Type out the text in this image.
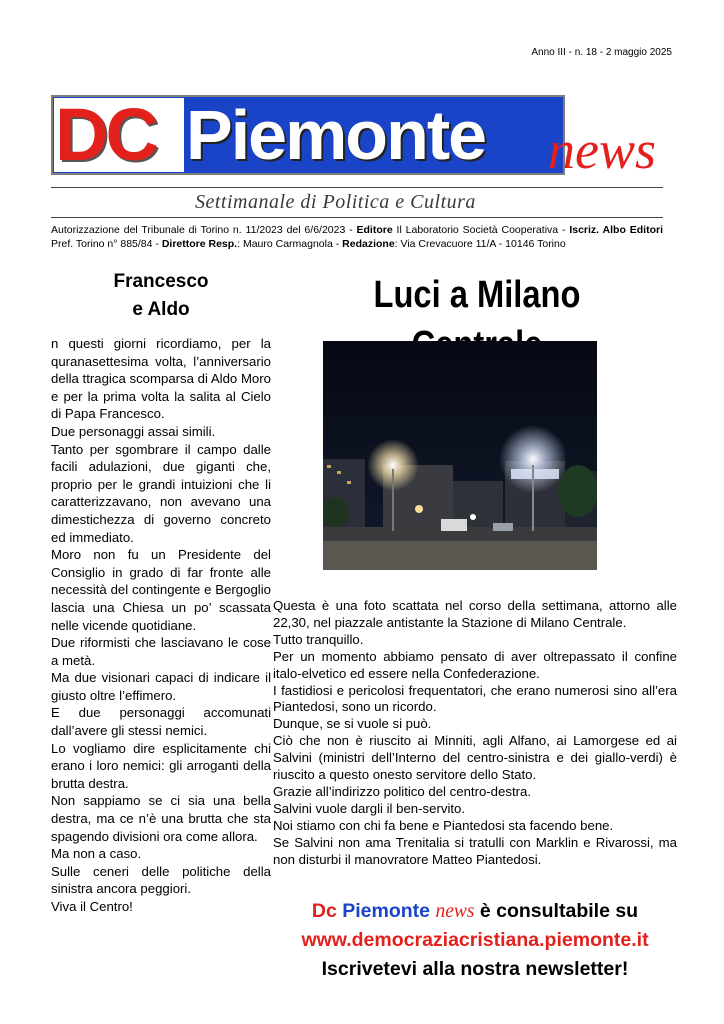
Anno III - n. 18 - 2 maggio 2025
DC Piemonte news
Settimanale di Politica e Cultura
Autorizzazione del Tribunale di Torino n. 11/2023 del 6/6/2023 - Editore Il Laboratorio Società Cooperativa - Iscriz. Albo Editori Pref. Torino n° 885/84 - Direttore Resp.: Mauro Carmagnola - Redazione: Via Crevacuore 11/A - 10146 Torino
Francesco
e Aldo

n questi giorni ricordiamo, per la quranasettesima volta, l’anniversario della ttragica scomparsa di Aldo Moro e per la prima volta la salita al Cielo di Papa Francesco.

Due personaggi assai simili.

Tanto per sgombrare il campo dalle facili adulazioni, due giganti che, proprio per le grandi intuizioni che li caratterizzavano, non avevano una dimestichezza di governo concreto ed immediato.

Moro non fu un Presidente del Consiglio in grado di far fronte alle necessità del contingente e Bergoglio lascia una Chiesa un po’ scassata nelle vicende quotidiane.

Due riformisti che lasciavano le cose a metà.

Ma due visionari capaci di indicare il giusto oltre l’effimero.

E due personaggi accomunati dall’avere gli stessi nemici.

Lo vogliamo dire esplicitamente chi erano i loro nemici: gli arroganti della brutta destra.

Non sappiamo se ci sia una bella destra, ma ce n’è una brutta che sta spagendo divisioni ora come allora.

Ma non a caso.

Sulle ceneri delle politiche della sinistra ancora peggiori.

Viva il Centro!

Luci a Milano

Questa è una foto scattata nel corso della settimana, attorno alle 22,30, nel piazzale antistante la Stazione di Milano Centrale.

Tutto tranquillo.

Per un momento abbiamo pensato di aver oltrepassato il confine italo-elvetico ed essere nella Confederazione.

I fastidiosi e pericolosi frequentatori, che erano numerosi sino all’era Piantedosi, sono un ricordo.

Dunque, se si vuole si può.

Ciò che non è riuscito ai Minniti, agli Alfano, ai Lamorgese ed ai Salvini (ministri dell’Interno del centro-sinistra e dei giallo-verdi) è riuscito a questo onesto servitore dello Stato.

Grazie all’indirizzo politico del centro-destra.

Salvini vuole dargli il ben-servito.

Noi stiamo con chi fa bene e Piantedosi sta facendo bene.

Se Salvini non ama Trenitalia si tratulli con Marklin e Rivarossi, ma non disturbi il manovratore Matteo Piantedosi.

Dc Piemonte news è consultabile su
www.democraziacristiana.piemonte.it
Iscrivetevi alla nostra newsletter!
